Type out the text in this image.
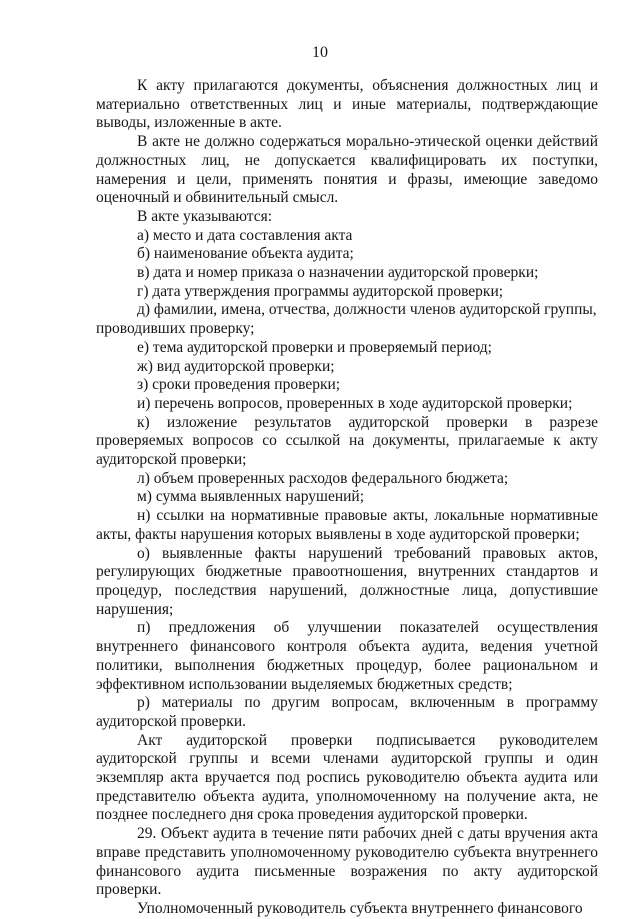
10

К акту прилагаются документы, объяснения должностных лиц и материально ответственных лиц и иные материалы, подтверждающие выводы, изложенные в акте.

В акте не должно содержаться морально-этической оценки действий должностных лиц, не допускается квалифицировать их поступки, намерения и цели, применять понятия и фразы, имеющие заведомо оценочный и обвинительный смысл.

В акте указываются:

а) место и дата составления акта

б) наименование объекта аудита;

в) дата и номер приказа о назначении аудиторской проверки;

г) дата утверждения программы аудиторской проверки;

д) фамилии, имена, отчества, должности членов аудиторской группы, проводивших проверку;

е) тема аудиторской проверки и проверяемый период;

ж) вид аудиторской проверки;

з) сроки проведения проверки;

и) перечень вопросов, проверенных в ходе аудиторской проверки;

к) изложение результатов аудиторской проверки в разрезе проверяемых вопросов со ссылкой на документы, прилагаемые к акту аудиторской проверки;

л) объем проверенных расходов федерального бюджета;

м) сумма выявленных нарушений;

н) ссылки на нормативные правовые акты, локальные нормативные акты, факты нарушения которых выявлены в ходе аудиторской проверки;

о) выявленные факты нарушений требований правовых актов, регулирующих бюджетные правоотношения, внутренних стандартов и процедур, последствия нарушений, должностные лица, допустившие нарушения;

п) предложения об улучшении показателей осуществления внутреннего финансового контроля объекта аудита, ведения учетной политики, выполнения бюджетных процедур, более рациональном и эффективном использовании выделяемых бюджетных средств;

р) материалы по другим вопросам, включенным в программу аудиторской проверки.

Акт аудиторской проверки подписывается руководителем аудиторской группы и всеми членами аудиторской группы и один экземпляр акта вручается под роспись руководителю объекта аудита или представителю объекта аудита, уполномоченному на получение акта, не позднее последнего дня срока проведения аудиторской проверки.

29. Объект аудита в течение пяти рабочих дней с даты вручения акта вправе представить уполномоченному руководителю субъекта внутреннего финансового аудита письменные возражения по акту аудиторской проверки.

Уполномоченный руководитель субъекта внутреннего финансового
